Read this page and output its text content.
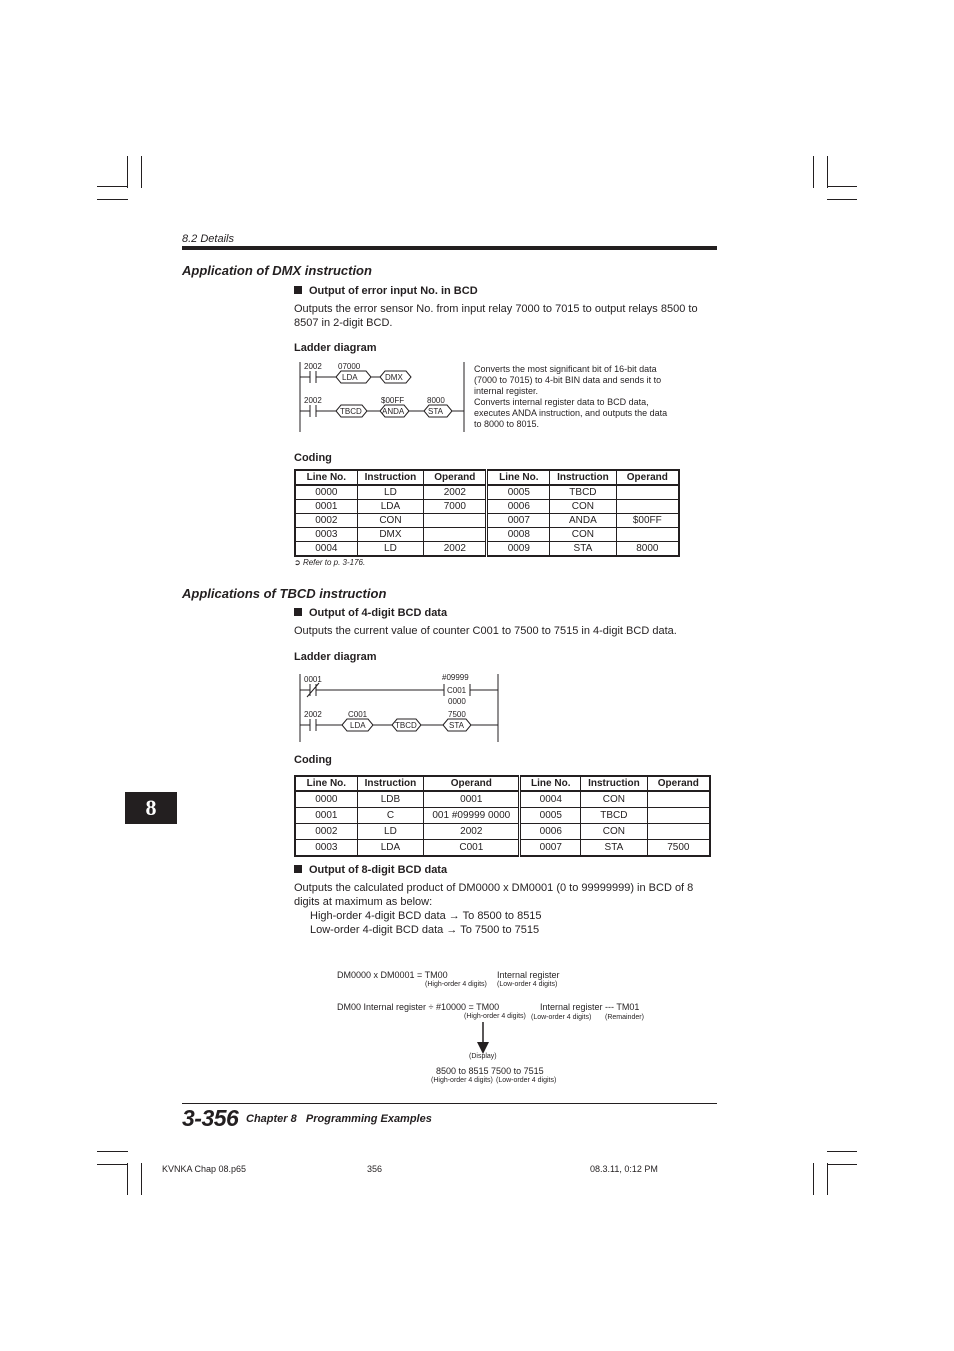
8.2 Details
Application of DMX instruction
Output of error input No. in BCD
Outputs the error sensor No. from input relay 7000 to 7015 to output relays 8500 to 8507 in 2-digit BCD.
Ladder diagram
2002 07000
LDA	DMX
2002	$00FF	8000
TBCD	ANDA	STA
Converts the most significant bit of 16-bit data
(7000 to 7015) to 4-bit BIN data and sends it to
internal register.
Converts internal register data to BCD data,
executes ANDA instruction, and outputs the data
to 8000 to 8015.
Coding
Line No.	Instruction	Operand	Line No.	Instruction	Operand
0000	LD	2002	0005	TBCD	
0001	LDA	7000	0006	CON	
0002	CON		0007	ANDA	$00FF
0003	DMX		0008	CON	
0004	LD	2002	0009	STA	8000
➲ Refer to p. 3-176.
Applications of TBCD instruction
Output of 4-digit BCD data
Outputs the current value of counter C001 to 7500 to 7515 in 4-digit BCD data.
Ladder diagram
0001	#09999
C001
0000
2002	C001	7500
LDA	TBCD	STA
Coding
Line No.	Instruction	Operand	Line No.	Instruction	Operand
0000	LDB	0001	0004	CON	
0001	C	001 #09999 0000	0005	TBCD	
0002	LD	2002	0006	CON	
0003	LDA	C001	0007	STA	7500
Output of 8-digit BCD data
Outputs the calculated product of DM0000 x DM0001 (0 to 99999999) in BCD of 8
digits at maximum as below:
High-order 4-digit BCD data → To 8500 to 8515
Low-order 4-digit BCD data → To 7500 to 7515
DM0000 x DM0001 = TM00	Internal register
(High-order 4 digits) (Low-order 4 digits)
DM00 Internal register ÷ #10000 = TM00	Internal register --- TM01
(High-order 4 digits) (Low-order 4 digits) (Remainder)
(Display)
8500 to 8515 7500 to 7515
(High-order 4 digits) (Low-order 4 digits)
8
3-356 Chapter 8 Programming Examples
KVNKA Chap 08.p65	356	08.3.11, 0:12 PM
